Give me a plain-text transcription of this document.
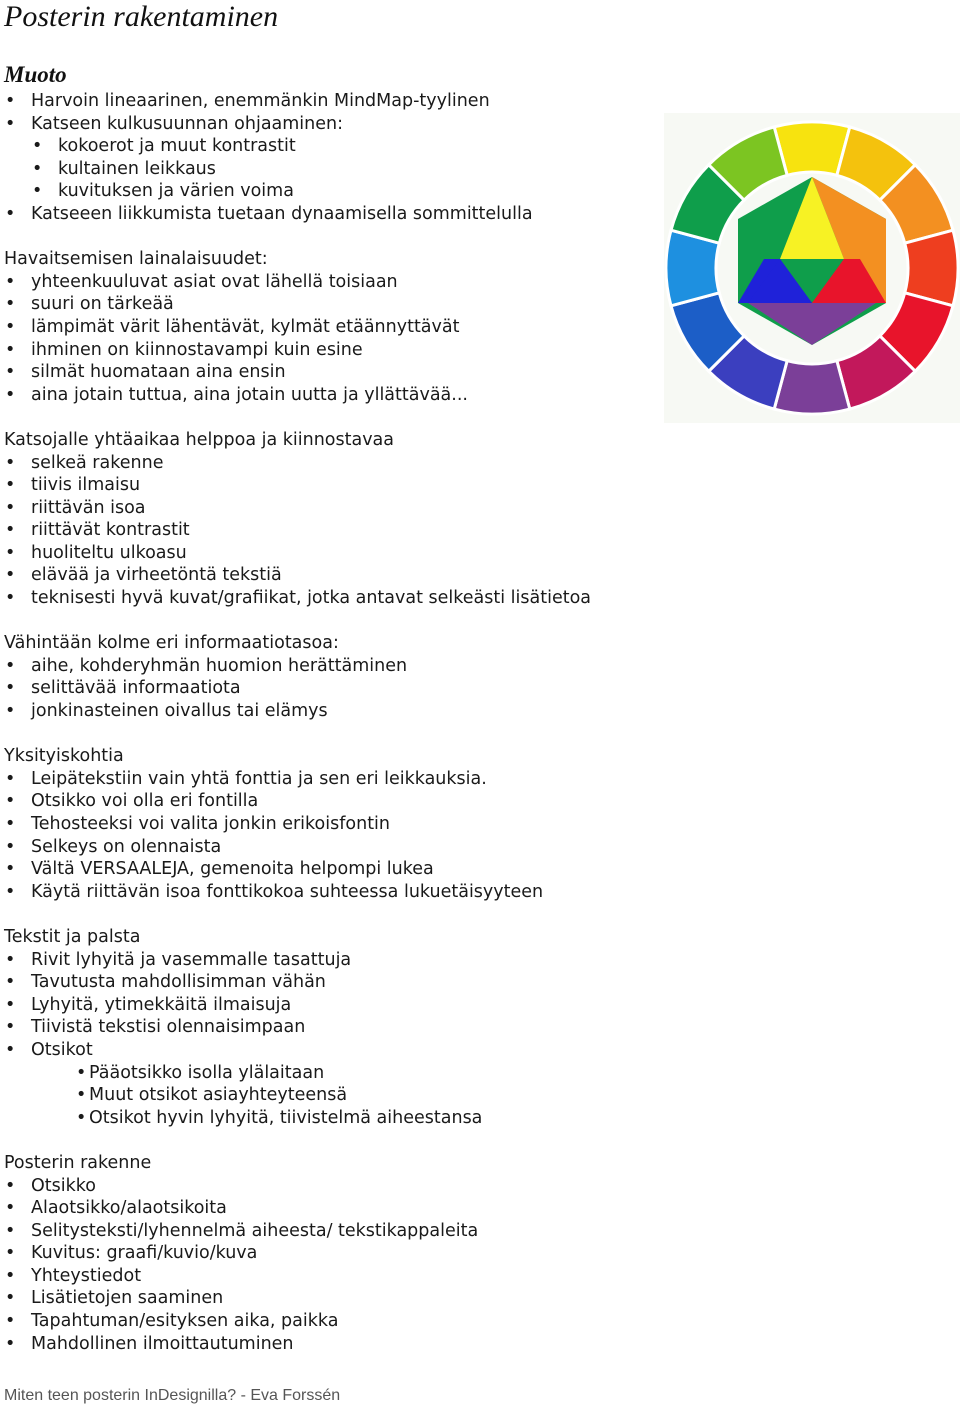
Posterin rakentaminen
Muoto
• Harvoin lineaarinen, enemmänkin MindMap-tyylinen
• Katseen kulkusuunnan ohjaaminen:
• kokoerot ja muut kontrastit
• kultainen leikkaus
• kuvituksen ja värien voima
• Katseeen liikkumista tuetaan dynaamisella sommittelulla
Havaitsemisen lainalaisuudet:
• yhteenkuuluvat asiat ovat lähellä toisiaan
• suuri on tärkeää
• lämpimät värit lähentävät, kylmät etäännyttävät
• ihminen on kiinnostavampi kuin esine
• silmät huomataan aina ensin
• aina jotain tuttua, aina jotain uutta ja yllättävää...
Katsojalle yhtäaikaa helppoa ja kiinnostavaa
• selkeä rakenne
• tiivis ilmaisu
• riittävän isoa
• riittävät kontrastit
• huoliteltu ulkoasu
• elävää ja virheetöntä tekstiä
• teknisesti hyvä kuvat/grafiikat, jotka antavat selkeästi lisätietoa
Vähintään kolme eri informaatiotasoa:
• aihe, kohderyhmän huomion herättäminen
• selittävää informaatiota
• jonkinasteinen oivallus tai elämys
Yksityiskohtia
• Leipätekstiin vain yhtä fonttia ja sen eri leikkauksia.
• Otsikko voi olla eri fontilla
• Tehosteeksi voi valita jonkin erikoisfontin
• Selkeys on olennaista
• Vältä VERSAALEJA, gemenoita helpompi lukea
• Käytä riittävän isoa fonttikokoa suhteessa lukuetäisyyteen
Tekstit ja palsta
• Rivit lyhyitä ja vasemmalle tasattuja
• Tavutusta mahdollisimman vähän
• Lyhyitä, ytimekkäitä ilmaisuja
• Tiivistä tekstisi olennaisimpaan
• Otsikot
• Pääotsikko isolla ylälaitaan
• Muut otsikot asiayhteyteensä
• Otsikot hyvin lyhyitä, tiivistelmä aiheestansa
Posterin rakenne
• Otsikko
• Alaotsikko/alaotsikoita
• Selitysteksti/lyhennelmä aiheesta/ tekstikappaleita
• Kuvitus: graafi/kuvio/kuva
• Yhteystiedot
• Lisätietojen saaminen
• Tapahtuman/esityksen aika, paikka
• Mahdollinen ilmoittautuminen
Miten teen posterin InDesignilla? - Eva Forssén
